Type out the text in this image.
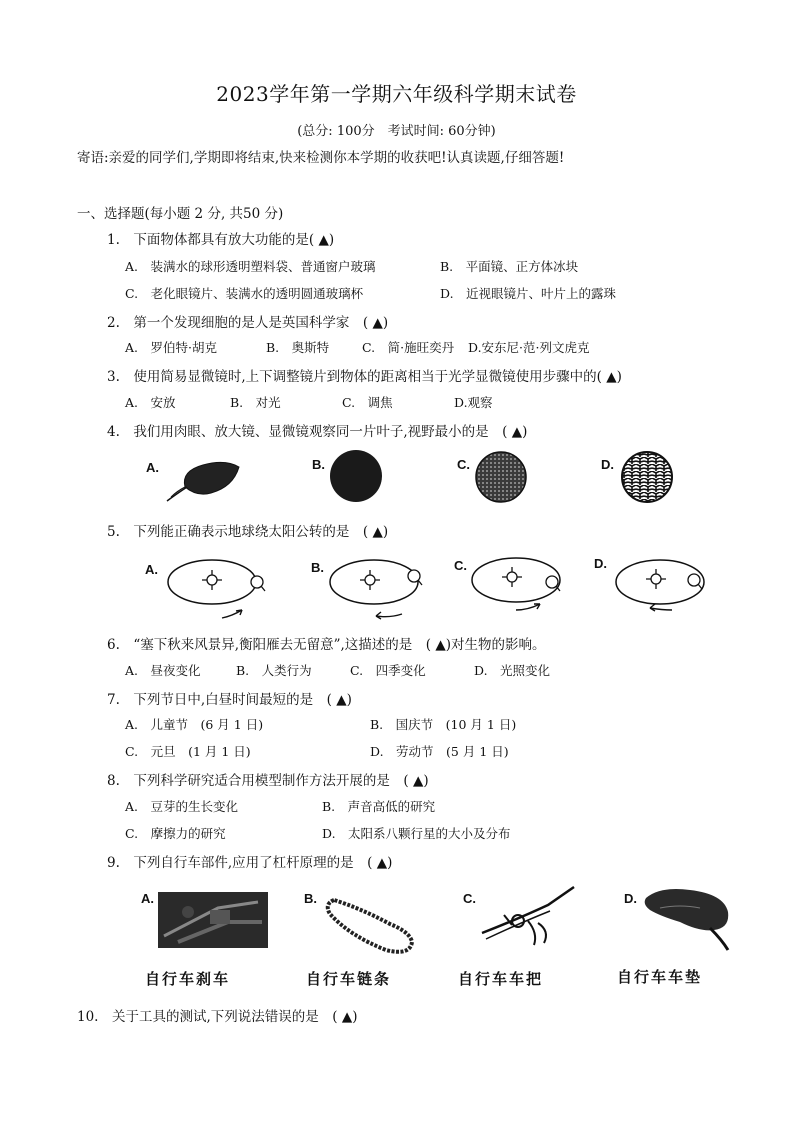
2023学年第一学期六年级科学期末试卷
(总分: 100分　考试时间: 60分钟)
寄语:亲爱的同学们,学期即将结束,快来检测你本学期的收获吧!认真读题,仔细答题!
一、选择题(每小题 2 分, 共50 分)
1.　下面物体都具有放大功能的是( ▲)
A.　装满水的球形透明塑料袋、普通窗户玻璃	B.　平面镜、正方体冰块
C.　老化眼镜片、装满水的透明圆通玻璃杯	D.　近视眼镜片、叶片上的露珠
2.　第一个发现细胞的是人是英国科学家　( ▲)
A.　罗伯特·胡克	B.　奥斯特	C.　简·施旺奕丹 D.安东尼·范·列文虎克
3.　使用简易显微镜时,上下调整镜片到物体的距离相当于光学显微镜使用步骤中的( ▲)
A.　安放	B.　对光	C.　调焦	D.观察
4.　我们用肉眼、放大镜、显微镜观察同一片叶子,视野最小的是　( ▲)
A.	B.	C.	D.
5.　下列能正确表示地球绕太阳公转的是　( ▲)
A.	B.	C.	D.
6.　“塞下秋来风景异,衡阳雁去无留意”,这描述的是　( ▲)对生物的影响。
A.　昼夜变化	B.　人类行为	C.　四季变化	D.　光照变化
7.　下列节日中,白昼时间最短的是　( ▲)
A.　儿童节　(6 月 1 日)	B.　国庆节　(10 月 1 日)
C.　元旦　(1 月 1 日)	D.　劳动节　(5 月 1 日)
8.　下列科学研究适合用模型制作方法开展的是　( ▲)
A.　豆芽的生长变化	B.　声音高低的研究
C.　摩擦力的研究	D.　太阳系八颗行星的大小及分布
9.　下列自行车部件,应用了杠杆原理的是　( ▲)
A.
自行车刹车
B.
自行车链条
C.
自行车车把
D.
自行车车垫
10.　关于工具的测试,下列说法错误的是　( ▲)
